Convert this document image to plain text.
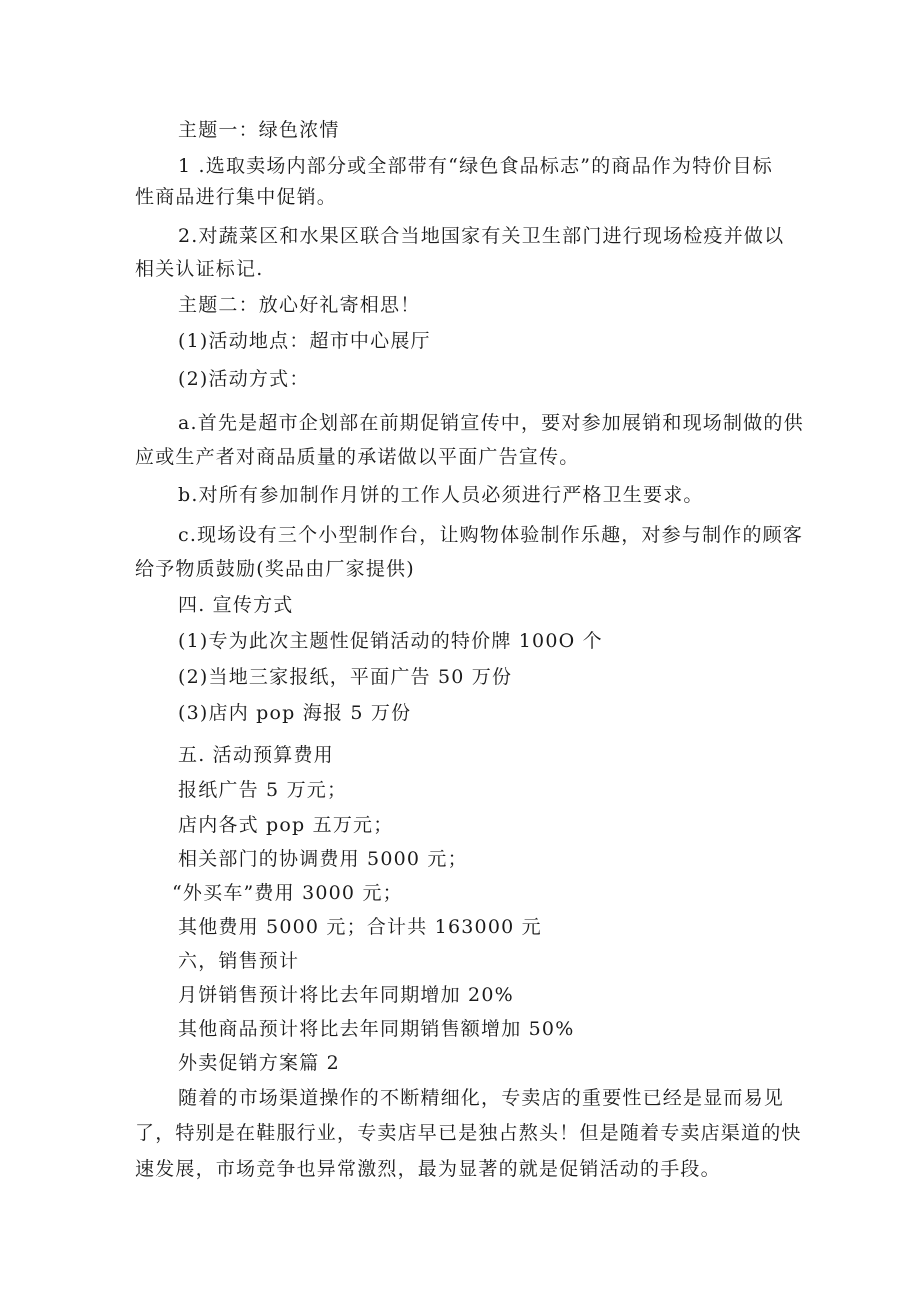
主题一：绿色浓情
1 .选取卖场内部分或全部带有“绿色食品标志”的商品作为特价目标
性商品进行集中促销。
2.对蔬菜区和水果区联合当地国家有关卫生部门进行现场检疫并做以
相关认证标记.
主题二：放心好礼寄相思！
(1)活动地点：超市中心展厅
(2)活动方式：
a.首先是超市企划部在前期促销宣传中，要对参加展销和现场制做的供
应或生产者对商品质量的承诺做以平面广告宣传。
b.对所有参加制作月饼的工作人员必须进行严格卫生要求。
c.现场设有三个小型制作台，让购物体验制作乐趣，对参与制作的顾客
给予物质鼓励(奖品由厂家提供)
四. 宣传方式
(1)专为此次主题性促销活动的特价牌 100O 个
(2)当地三家报纸，平面广告 50 万份
(3)店内 pop 海报 5 万份
五. 活动预算费用
报纸广告 5 万元；
店内各式 pop 五万元；
相关部门的协调费用 5000 元；
“外买车”费用 3000 元；
其他费用 5000 元；合计共 163000 元
六，销售预计
月饼销售预计将比去年同期增加 20%
其他商品预计将比去年同期销售额增加 50%
外卖促销方案篇 2
随着的市场渠道操作的不断精细化，专卖店的重要性已经是显而易见
了，特别是在鞋服行业，专卖店早已是独占熬头！但是随着专卖店渠道的快
速发展，市场竞争也异常激烈，最为显著的就是促销活动的手段。
